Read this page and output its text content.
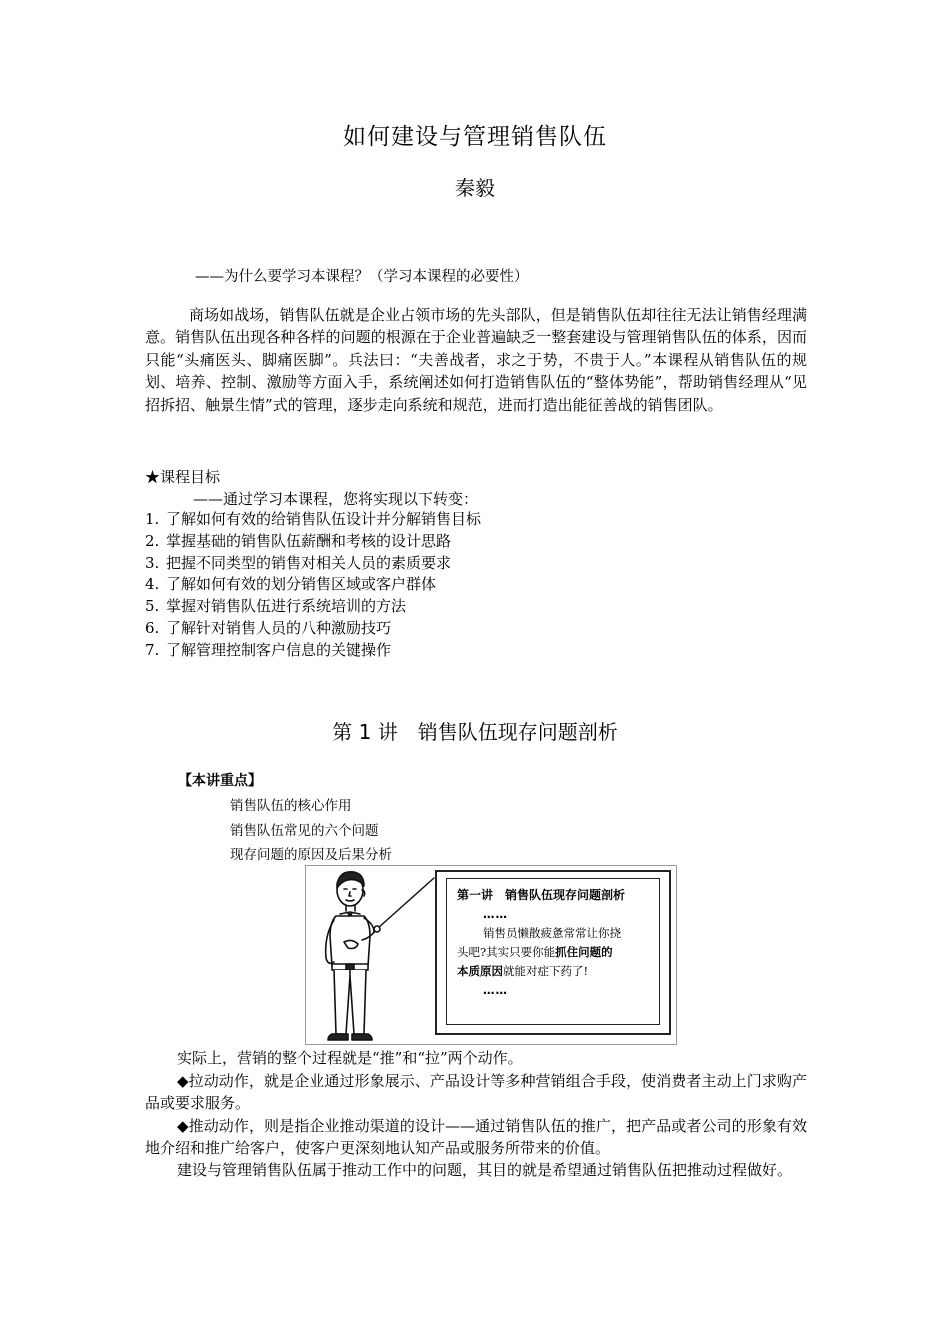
如何建设与管理销售队伍
秦毅
——为什么要学习本课程？（学习本课程的必要性）

商场如战场，销售队伍就是企业占领市场的先头部队，但是销售队伍却往往无法让销售经理满意。销售队伍出现各种各样的问题的根源在于企业普遍缺乏一整套建设与管理销售队伍的体系，因而只能“头痛医头、脚痛医脚”。兵法曰：“夫善战者，求之于势，不贵于人。”本课程从销售队伍的规划、培养、控制、激励等方面入手，系统阐述如何打造销售队伍的“整体势能”，帮助销售经理从“见招拆招、触景生情”式的管理，逐步走向系统和规范，进而打造出能征善战的销售团队。

★课程目标
——通过学习本课程，您将实现以下转变：
1. 了解如何有效的给销售队伍设计并分解销售目标
2. 掌握基础的销售队伍薪酬和考核的设计思路
3. 把握不同类型的销售对相关人员的素质要求
4. 了解如何有效的划分销售区域或客户群体
5. 掌握对销售队伍进行系统培训的方法
6. 了解针对销售人员的八种激励技巧
7. 了解管理控制客户信息的关键操作
第 1 讲　销售队伍现存问题剖析
【本讲重点】
销售队伍的核心作用
销售队伍常见的六个问题
现存问题的原因及后果分析
第一讲　销售队伍现存问题剖析
……
销售员懒散疲惫常常让你挠
头吧?其实只要你能抓住问题的
本质原因就能对症下药了!
……

实际上，营销的整个过程就是“推”和“拉”两个动作。

◆拉动动作，就是企业通过形象展示、产品设计等多种营销组合手段，使消费者主动上门求购产品或要求服务。

◆推动动作，则是指企业推动渠道的设计——通过销售队伍的推广，把产品或者公司的形象有效地介绍和推广给客户，使客户更深刻地认知产品或服务所带来的价值。

建设与管理销售队伍属于推动工作中的问题，其目的就是希望通过销售队伍把推动过程做好。
